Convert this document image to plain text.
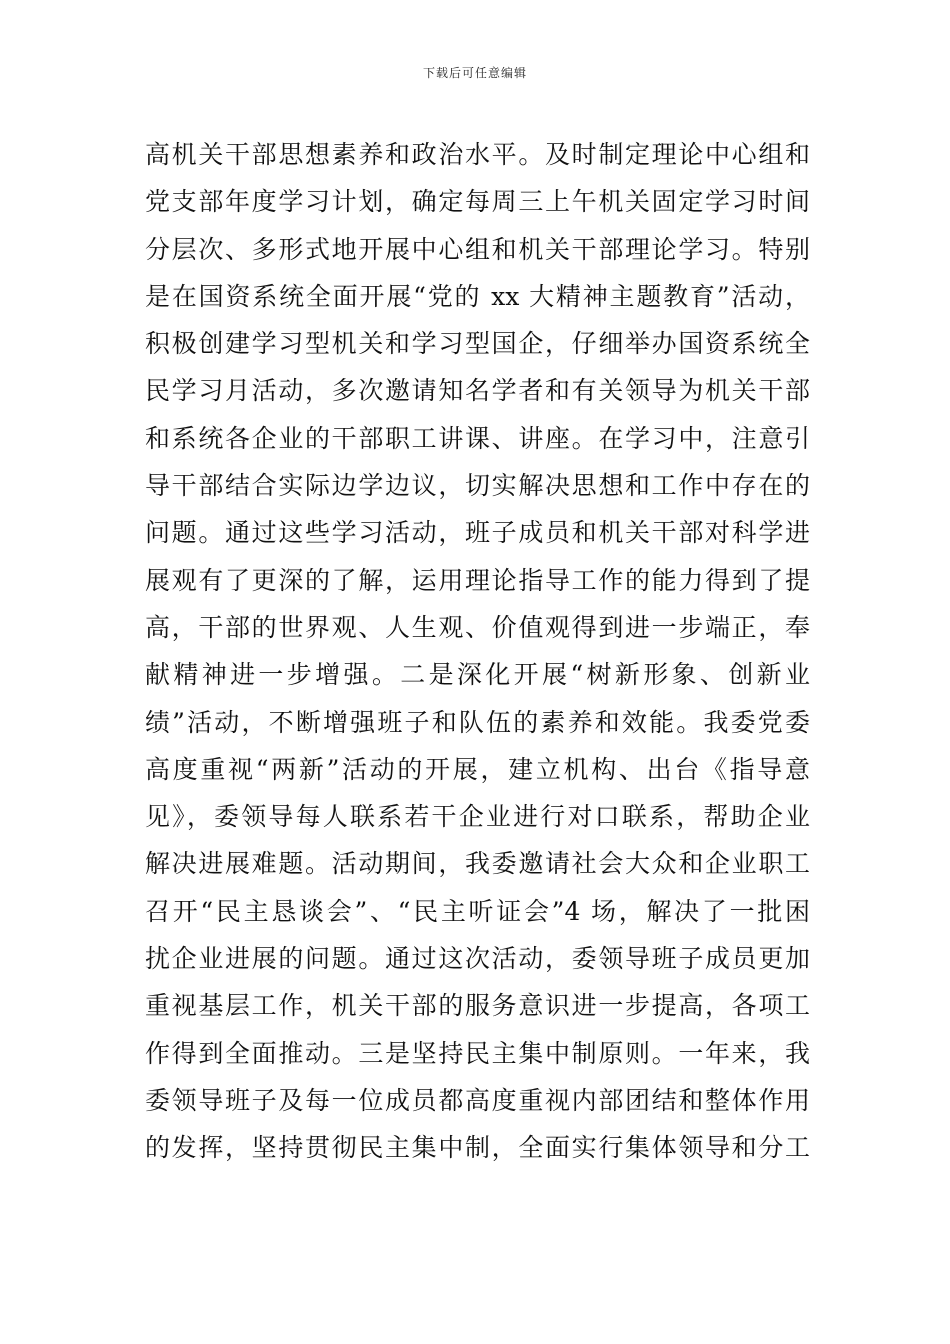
下载后可任意编辑
高机关干部思想素养和政治水平。及时制定理论中心组和
党支部年度学习计划，确定每周三上午机关固定学习时间
分层次、多形式地开展中心组和机关干部理论学习。特别
是在国资系统全面开展“党的 xx 大精神主题教育”活动，
积极创建学习型机关和学习型国企，仔细举办国资系统全
民学习月活动，多次邀请知名学者和有关领导为机关干部
和系统各企业的干部职工讲课、讲座。在学习中，注意引
导干部结合实际边学边议，切实解决思想和工作中存在的
问题。通过这些学习活动，班子成员和机关干部对科学进
展观有了更深的了解，运用理论指导工作的能力得到了提
高，干部的世界观、人生观、价值观得到进一步端正，奉
献精神进一步增强。二是深化开展“树新形象、创新业
绩”活动，不断增强班子和队伍的素养和效能。我委党委
高度重视“两新”活动的开展，建立机构、出台《指导意
见》，委领导每人联系若干企业进行对口联系，帮助企业
解决进展难题。活动期间，我委邀请社会大众和企业职工
召开“民主恳谈会”、“民主听证会”4 场，解决了一批困
扰企业进展的问题。通过这次活动，委领导班子成员更加
重视基层工作，机关干部的服务意识进一步提高，各项工
作得到全面推动。三是坚持民主集中制原则。一年来，我
委领导班子及每一位成员都高度重视内部团结和整体作用
的发挥，坚持贯彻民主集中制，全面实行集体领导和分工
